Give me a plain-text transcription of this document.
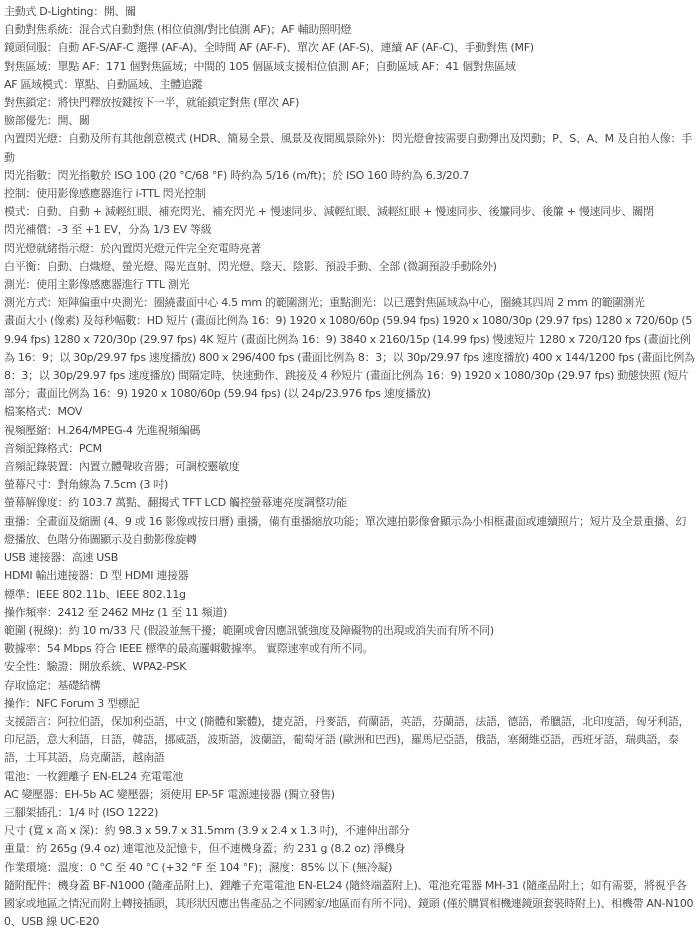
主動式 D-Lighting：開、關
自動對焦系統：混合式自動對焦 (相位偵測/對比偵測 AF)；AF 輔助照明燈
鏡頭伺服：自動 AF-S/AF-C 選擇 (AF-A)、全時間 AF (AF-F)、單次 AF (AF-S)、連續 AF (AF-C)、手動對焦 (MF)
對焦區域：單點 AF：171 個對焦區域；中間的 105 個區域支援相位偵測 AF；自動區域 AF：41 個對焦區域
AF 區域模式：單點、自動區域、主體追蹤
對焦鎖定：將快門釋放按鍵按下一半，就能鎖定對焦 (單次 AF)
臉部優先：開、關
內置閃光燈：自動及所有其他創意模式 (HDR、簡易全景、風景及夜間風景除外)：閃光燈會按需要自動彈出及閃動；P、S、A、M 及自拍人像：手動
閃光指數：閃光指數於 ISO 100 (20 °C/68 °F) 時約為 5/16 (m/ft)；於 ISO 160 時約為 6.3/20.7
控制：使用影像感應器進行 i-TTL 閃光控制
模式：自動、自動 + 減輕紅眼、補充閃光、補充閃光 + 慢速同步、減輕紅眼、減輕紅眼 + 慢速同步、後簾同步、後簾 + 慢速同步、關閉
閃光補償：-3 至 +1 EV，分為 1/3 EV 等級
閃光燈就緒指示燈：於內置閃光燈元件完全充電時亮著
白平衡：自動、白熾燈、螢光燈、陽光直射、閃光燈、陰天、陰影、預設手動、全部 (微調預設手動除外)
測光：使用主影像感應器進行 TTL 測光
測光方式：矩陣偏重中央測光：圈繞畫面中心 4.5 mm 的範圍測光；重點測光：以已選對焦區域為中心，圈繞其四周 2 mm 的範圍測光
畫面大小 (像素) 及每秒幅數：HD 短片 (畫面比例為 16：9) 1920 x 1080/60p (59.94 fps) 1920 x 1080/30p (29.97 fps) 1280 x 720/60p (59.94 fps) 1280 x 720/30p (29.97 fps) 4K 短片 (畫面比例為 16：9) 3840 x 2160/15p (14.99 fps) 慢速短片 1280 x 720/120 fps (畫面比例為 16：9；以 30p/29.97 fps 速度播放) 800 x 296/400 fps (畫面比例為 8：3；以 30p/29.97 fps 速度播放) 400 x 144/1200 fps (畫面比例為 8：3；以 30p/29.97 fps 速度播放) 間隔定時、快速動作、跳接及 4 秒短片 (畫面比例為 16：9) 1920 x 1080/30p (29.97 fps) 動態快照 (短片部分；畫面比例為 16：9) 1920 x 1080/60p (59.94 fps) (以 24p/23.976 fps 速度播放)
檔案格式：MOV
視頻壓縮：H.264/MPEG-4 先進視頻編碼
音頻記錄格式：PCM
音頻記錄裝置：內置立體聲收音器；可調校靈敏度
螢幕尺寸：對角線為 7.5cm (3 吋)
螢幕解像度：約 103.7 萬點、翻揭式 TFT LCD 觸控螢幕連亮度調整功能
重播：全畫面及縮圖 (4、9 或 16 影像或按日曆) 重播，備有重播縮放功能；單次連拍影像會顯示為小相框畫面或連續照片；短片及全景重播、幻燈播放、色階分佈圖顯示及自動影像旋轉
USB 連接器：高速 USB
HDMI 輸出連接器：D 型 HDMI 連接器
標準：IEEE 802.11b、IEEE 802.11g
操作頻率：2412 至 2462 MHz (1 至 11 頻道)
範圍 (視線)：約 10 m/33 尺 (假設並無干擾；範圍或會因應訊號強度及障礙物的出現或消失而有所不同)
數據率：54 Mbps 符合 IEEE 標準的最高邏輯數據率。 實際速率或有所不同。
安全性：驗證：開放系統、WPA2-PSK
存取協定：基礎結構
操作：NFC Forum 3 型標記
支援語言：阿拉伯語，保加利亞語，中文 (簡體和繁體)，捷克語，丹麥語，荷蘭語，英語，芬蘭語，法語，德語，希臘語，北印度語，匈牙利語，印尼語，意大利語，日語，韓語，挪威語，波斯語，波蘭語，葡萄牙語 (歐洲和巴西)，羅馬尼亞語，俄語，塞爾維亞語，西班牙語，瑞典語，泰語，土耳其語，烏克蘭語，越南語
電池：一枚鋰離子 EN-EL24 充電電池
AC 變壓器：EH-5b AC 變壓器；須使用 EP-5F 電源連接器 (獨立發售)
三腳架插孔：1/4 吋 (ISO 1222)
尺寸 (寬 x 高 x 深)：約 98.3 x 59.7 x 31.5mm (3.9 x 2.4 x 1.3 吋)，不連伸出部分
重量：約 265g (9.4 oz) 連電池及記憶卡，但不連機身蓋；約 231 g (8.2 oz) 淨機身
作業環境：溫度：0 °C 至 40 °C (+32 °F 至 104 °F)；濕度：85% 以下 (無冷凝)
隨附配件：機身蓋 BF-N1000 (隨產品附上)、鋰離子充電電池 EN-EL24 (隨終端蓋附上)、電池充電器 MH-31 (隨產品附上；如有需要，將視乎各國家或地區之情況而附上轉接插頭，其形狀因應出售產品之不同國家/地區而有所不同)、鏡頭 (僅於購買相機連鏡頭套裝時附上)、相機帶 AN-N1000、USB 線 UC-E20
